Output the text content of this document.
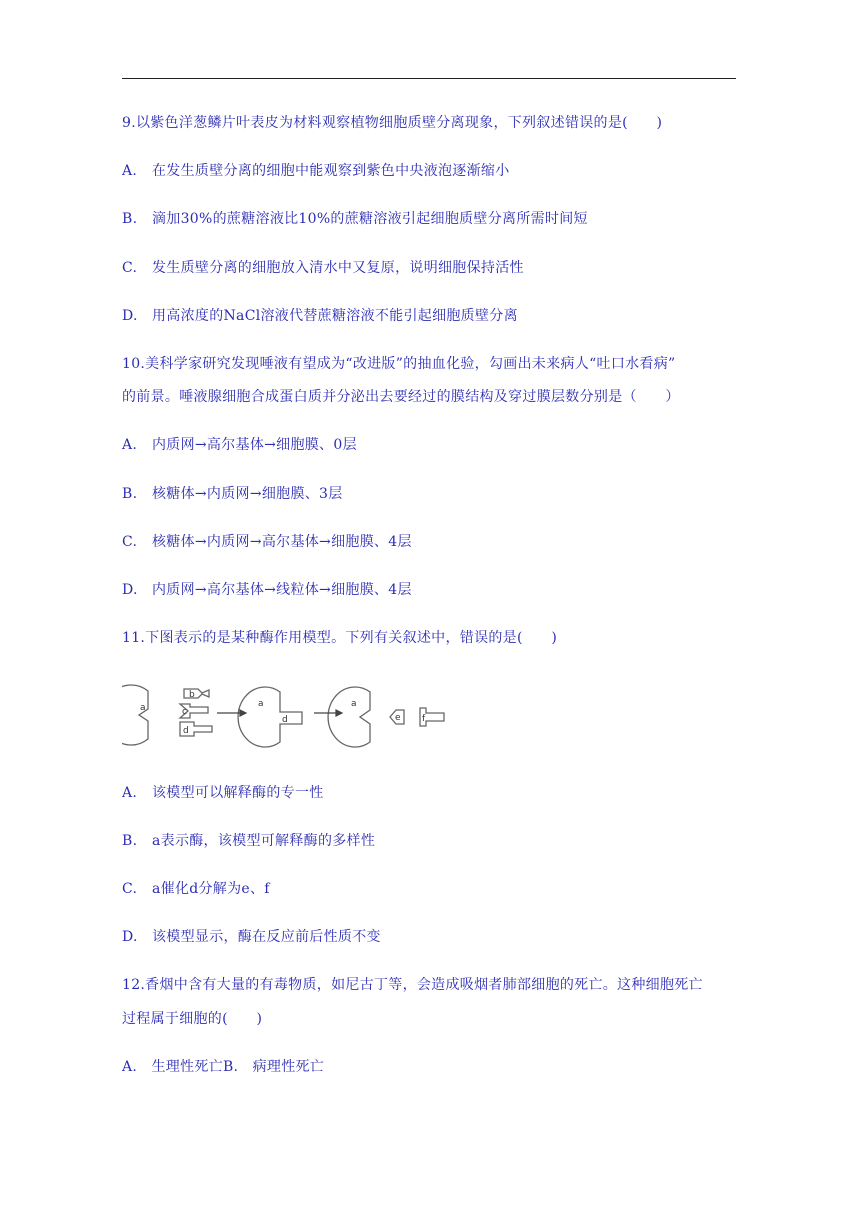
9.以紫色洋葱鳞片叶表皮为材料观察植物细胞质壁分离现象，下列叙述错误的是(　　)
A. 在发生质壁分离的细胞中能观察到紫色中央液泡逐渐缩小
B. 滴加30%的蔗糖溶液比10%的蔗糖溶液引起细胞质壁分离所需时间短
C. 发生质壁分离的细胞放入清水中又复原，说明细胞保持活性
D. 用高浓度的NaCl溶液代替蔗糖溶液不能引起细胞质壁分离
10.美科学家研究发现唾液有望成为“改进版”的抽血化验，勾画出未来病人“吐口水看病”
的前景。唾液腺细胞合成蛋白质并分泌出去要经过的膜结构及穿过膜层数分别是（　　）
A. 内质网→高尔基体→细胞膜、0层
B. 核糖体→内质网→细胞膜、3层
C. 核糖体→内质网→高尔基体→细胞膜、4层
D. 内质网→高尔基体→线粒体→细胞膜、4层
11.下图表示的是某种酶作用模型。下列有关叙述中，错误的是(　　)
a
b
c
d
a
d
a
e f
A. 该模型可以解释酶的专一性
B. a表示酶，该模型可解释酶的多样性
C. a催化d分解为e、f
D. 该模型显示，酶在反应前后性质不变
12.香烟中含有大量的有毒物质，如尼古丁等，会造成吸烟者肺部细胞的死亡。这种细胞死亡
过程属于细胞的(　　)
A.　生理性死亡B.　病理性死亡
